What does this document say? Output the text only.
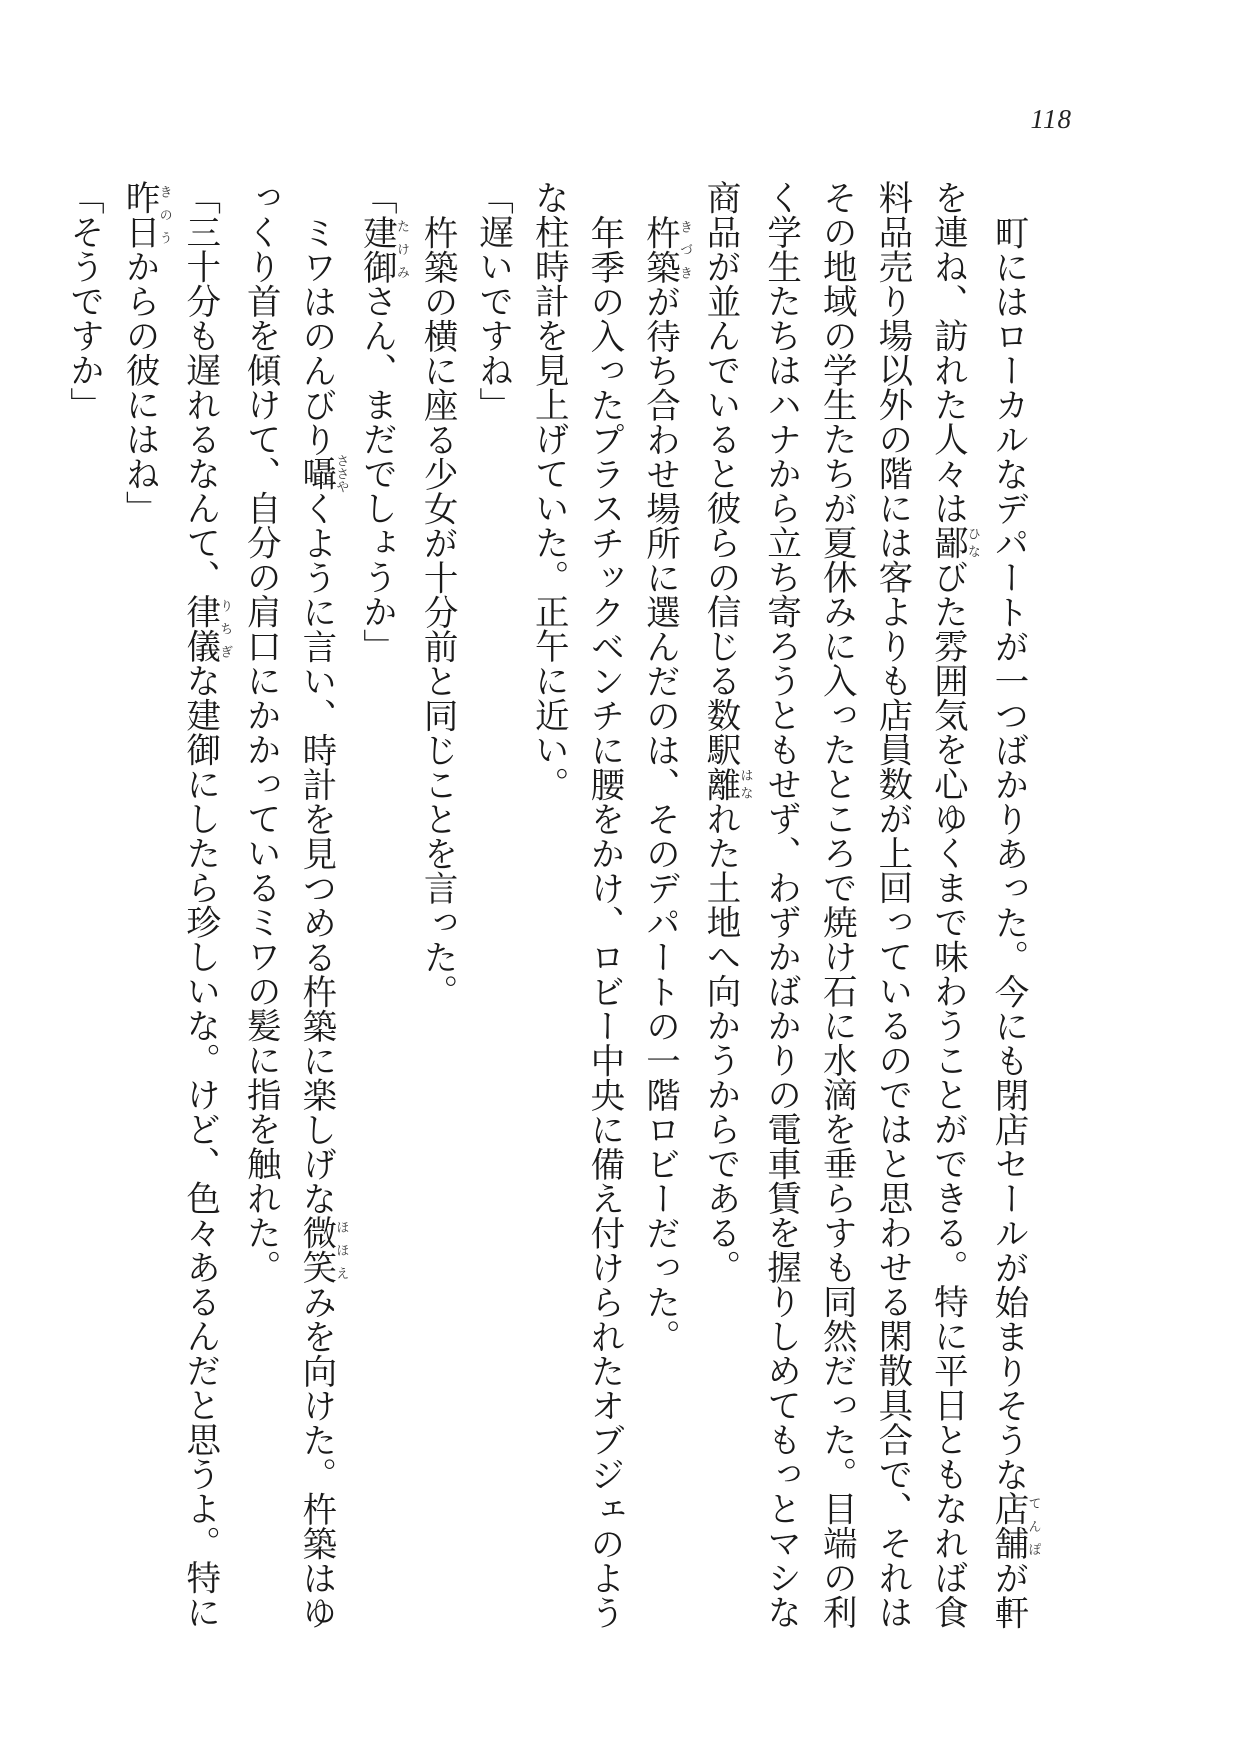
118

町にはローカルなデパートが一つばかりあった。今にも閉店セールが始まりそうな店舗てんぽが軒

を連ね、訪れた人々は鄙ひなびた雰囲気を心ゆくまで味わうことができる。特に平日ともなれば食

料品売り場以外の階には客よりも店員数が上回っているのではと思わせる閑散具合で、それは

その地域の学生たちが夏休みに入ったところで焼け石に水滴を垂らすも同然だった。目端の利

く学生たちはハナから立ち寄ろうともせず、わずかばかりの電車賃を握りしめてもっとマシな

商品が並んでいると彼らの信じる数駅離はなれた土地へ向かうからである。

杵築きづきが待ち合わせ場所に選んだのは、そのデパートの一階ロビーだった。

年季の入ったプラスチックベンチに腰をかけ、ロビー中央に備え付けられたオブジェのよう

な柱時計を見上げていた。正午に近い。

「遅いですね」

杵築の横に座る少女が十分前と同じことを言った。

「建御たけみさん、まだでしょうか」

ミワはのんびり囁ささやくように言い、時計を見つめる杵築に楽しげな微笑ほほえみを向けた。杵築はゆ

っくり首を傾けて、自分の肩口にかかっているミワの髪に指を触れた。

「三十分も遅れるなんて、律儀りちぎな建御にしたら珍しいな。けど、色々あるんだと思うよ。特に

昨日きのうからの彼にはね」

「そうですか」
